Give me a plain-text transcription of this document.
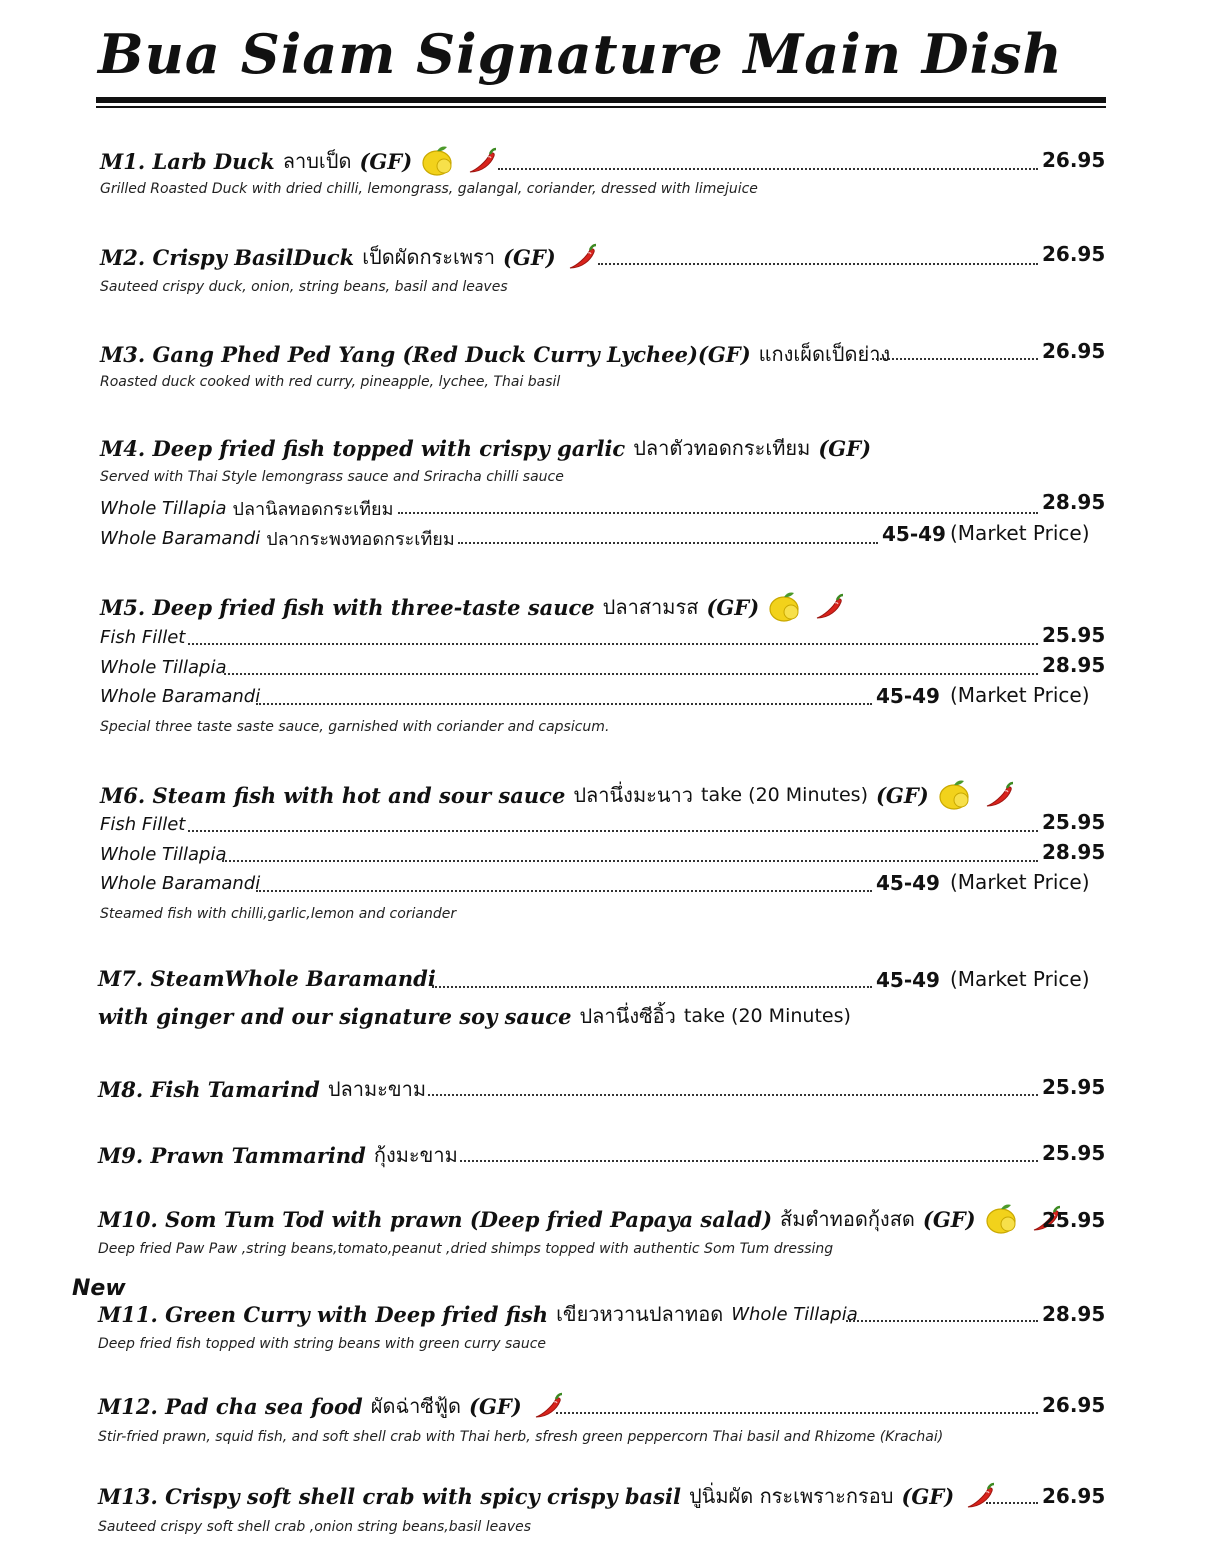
Bua Siam Signature Main Dish
M1. Larb Duck ลาบเป็ด (GF)	26.95
Grilled Roasted Duck with dried chilli, lemongrass, galangal, coriander, dressed with limejuice
M2. Crispy BasilDuck เป็ดผัดกระเพรา (GF)	26.95
Sauteed crispy duck, onion, string beans, basil and leaves
M3. Gang Phed Ped Yang (Red Duck Curry Lychee)(GF) แกงเผ็ดเป็ดย่าง	26.95
Roasted duck cooked with red curry, pineapple, lychee, Thai basil
M4. Deep fried fish topped with crispy garlic ปลาตัวทอดกระเทียม (GF)
Served with Thai Style lemongrass sauce and Sriracha chilli sauce
Whole Tillapia ปลานิลทอดกระเทียม	28.95
Whole Baramandi ปลากระพงทอดกระเทียม	45-49 (Market Price)
M5. Deep fried fish with three-taste sauce ปลาสามรส (GF)
Fish Fillet	25.95
Whole Tillapia	28.95
Whole Baramandi	45-49 (Market Price)
Special three taste saste sauce, garnished with coriander and capsicum.
M6. Steam fish with hot and sour sauce ปลานึ่งมะนาว take (20 Minutes) (GF)
Fish Fillet	25.95
Whole Tillapia	28.95
Whole Baramandi	45-49 (Market Price)
Steamed fish with chilli,garlic,lemon and coriander
M7. SteamWhole Baramandi	45-49 (Market Price)
with ginger and our signature soy sauce ปลานึ่งซีอิ้ว take (20 Minutes)
M8. Fish Tamarind ปลามะขาม	25.95
M9. Prawn Tammarind กุ้งมะขาม	25.95
M10. Som Tum Tod with prawn (Deep fried Papaya salad) ส้มตำทอดกุ้งสด (GF)	25.95
Deep fried Paw Paw ,string beans,tomato,peanut ,dried shimps topped with authentic Som Tum dressing
New
M11. Green Curry with Deep fried fish เขียวหวานปลาทอด Whole Tillapia	28.95
Deep fried fish topped with string beans with green curry sauce
M12. Pad cha sea food ผัดฉ่าซีฟู้ด (GF)	26.95
Stir-fried prawn, squid fish, and soft shell crab with Thai herb, sfresh green peppercorn Thai basil and Rhizome (Krachai)
M13. Crispy soft shell crab with spicy crispy basil ปูนิ่มผัด กระเพราะกรอบ (GF)	26.95
Sauteed crispy soft shell crab ,onion string beans,basil leaves
